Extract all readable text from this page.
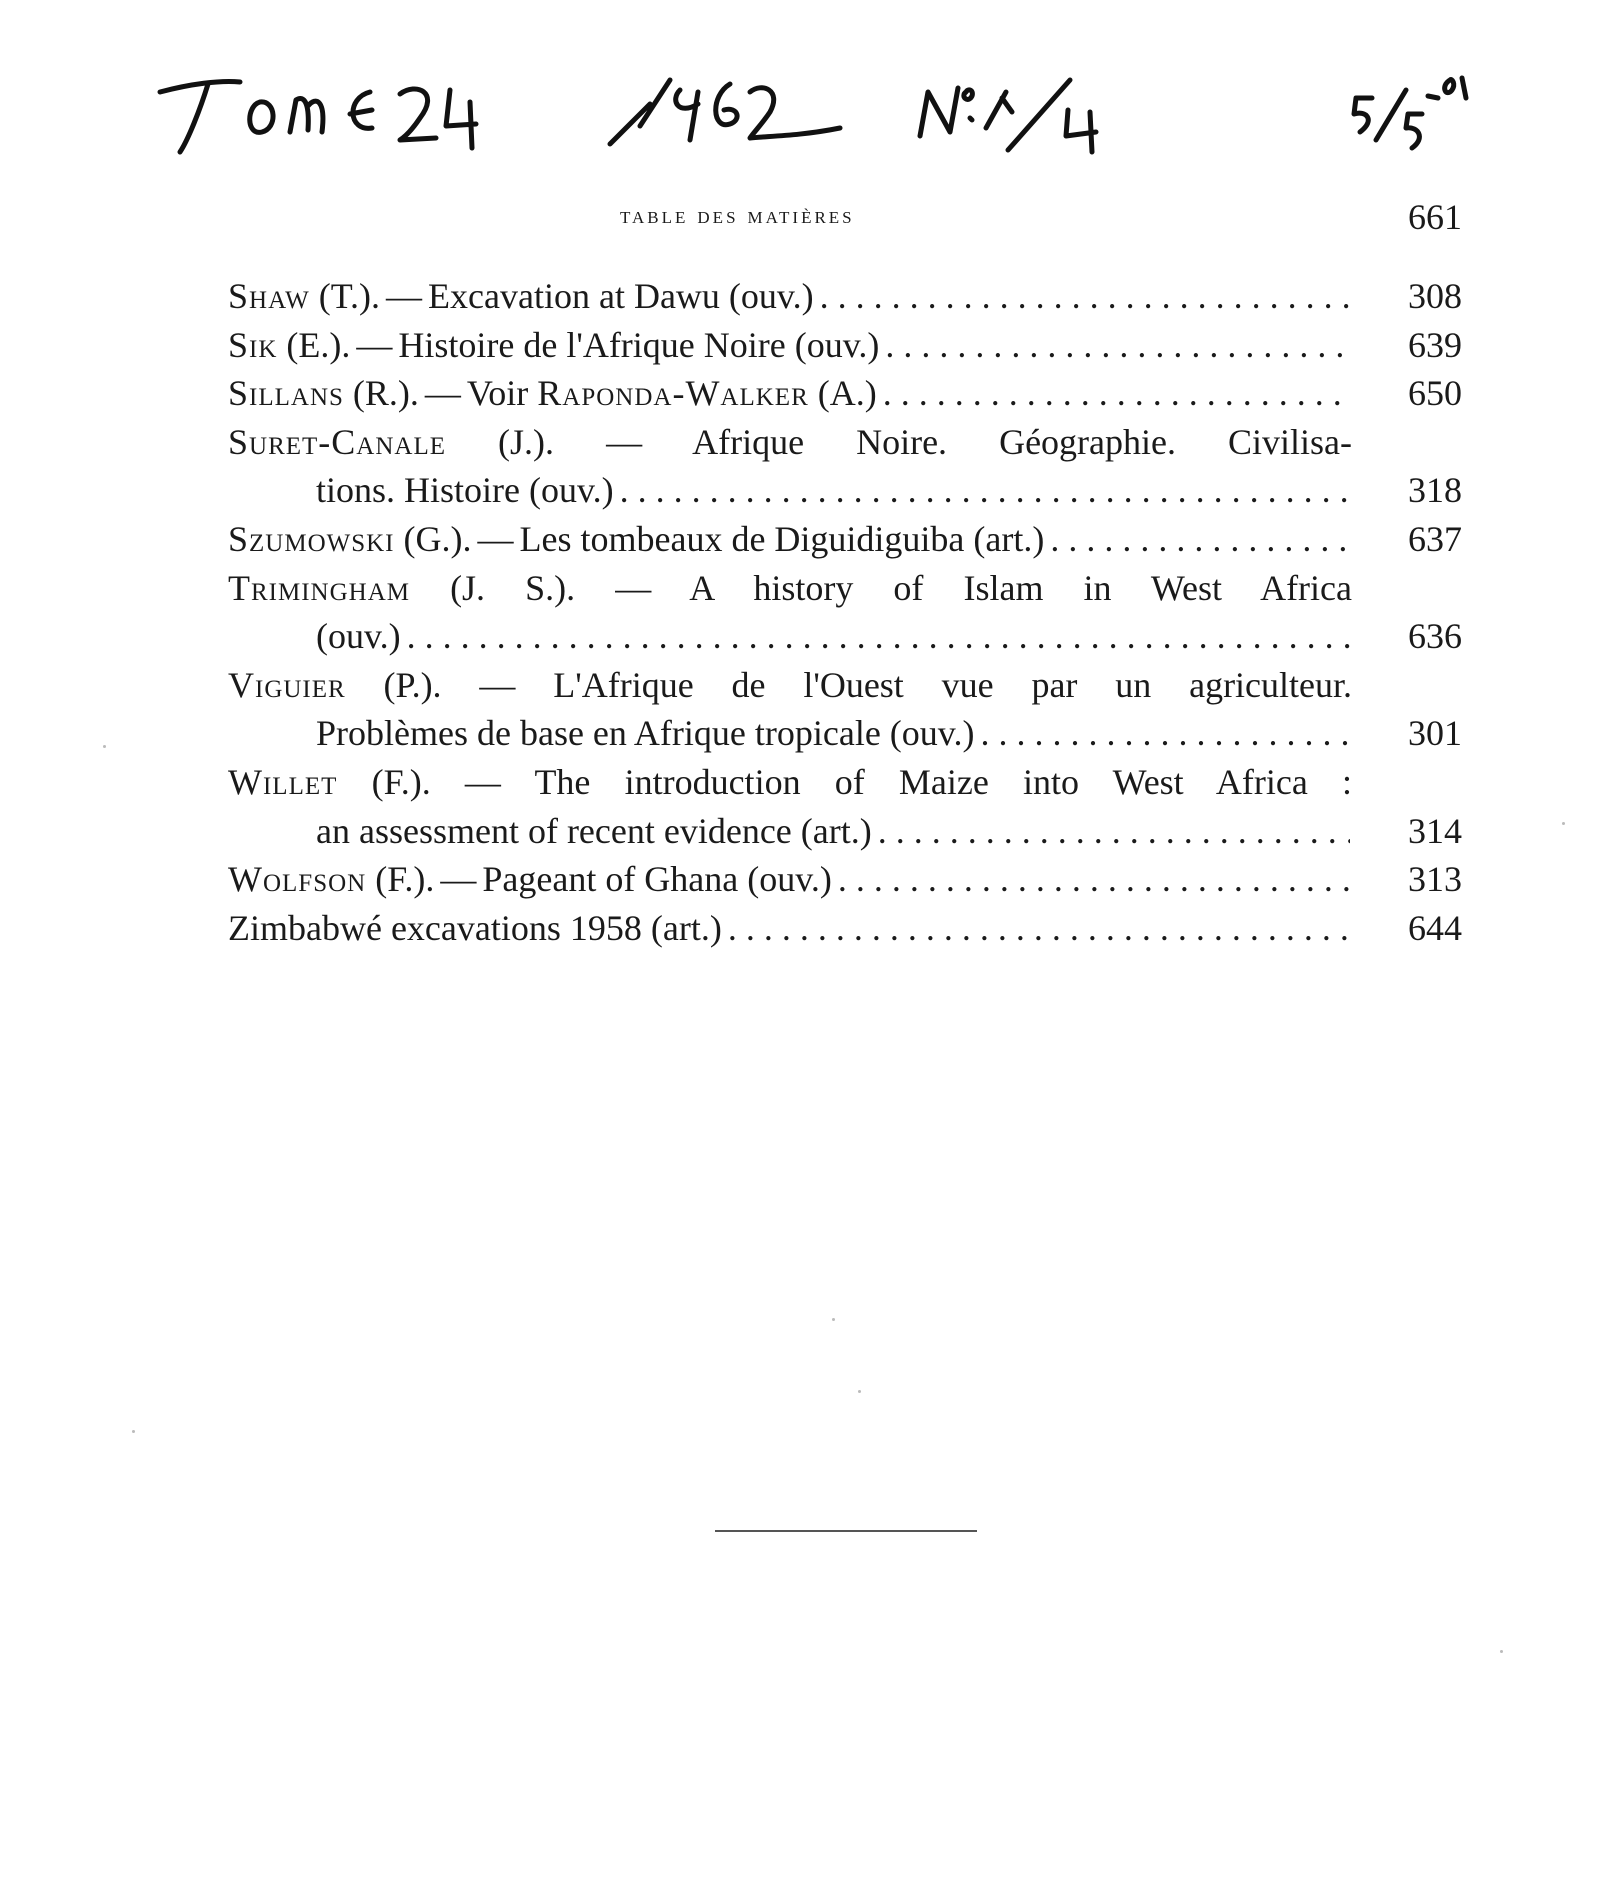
table des matières	661
Shaw (T.). — Excavation at Dawu (ouv.) . . .	308
Sik (E.). — Histoire de l'Afrique Noire (ouv.) . . .	639
Sillans (R.). — Voir Raponda-Walker (A.) . . .	650
Suret-Canale (J.). — Afrique Noire. Géographie. Civilisa-
tions. Histoire (ouv.) . . .	318
Szumowski (G.). — Les tombeaux de Diguidiguiba (art.) . . .	637
Trimingham (J. S.). — A history of Islam in West Africa
(ouv.) . . .	636
Viguier (P.). — L'Afrique de l'Ouest vue par un agriculteur.
Problèmes de base en Afrique tropicale (ouv.) . . .	301
Willet (F.). — The introduction of Maize into West Africa :
an assessment of recent evidence (art.) . . .	314
Wolfson (F.). — Pageant of Ghana (ouv.) . . .	313
Zimbabwé excavations 1958 (art.) . . .	644
